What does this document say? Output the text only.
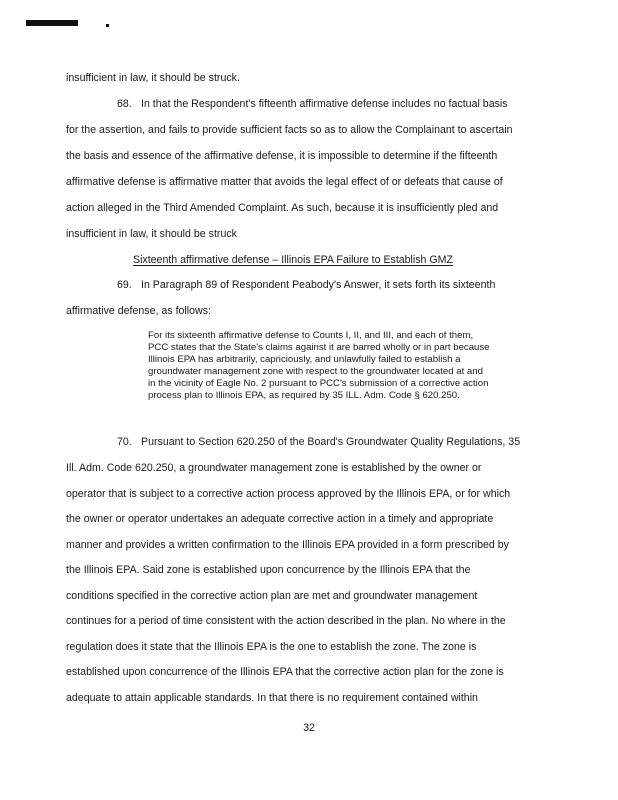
insufficient in law, it should be struck.
68. In that the Respondent's fifteenth affirmative defense includes no factual basis
for the assertion, and fails to provide sufficient facts so as to allow the Complainant to ascertain
the basis and essence of the affirmative defense, it is impossible to determine if the fifteenth
affirmative defense is affirmative matter that avoids the legal effect of or defeats that cause of
action alleged in the Third Amended Complaint. As such, because it is insufficiently pled and
insufficient in law, it should be struck
Sixteenth affirmative defense – Illinois EPA Failure to Establish GMZ
69. In Paragraph 89 of Respondent Peabody's Answer, it sets forth its sixteenth
affirmative defense, as follows:
For its sixteenth affirmative defense to Counts I, II, and III, and each of them,
PCC states that the State's claims against it are barred wholly or in part because
Illinois EPA has arbitrarily, capriciously, and unlawfully failed to establish a
groundwater management zone with respect to the groundwater located at and
in the vicinity of Eagle No. 2 pursuant to PCC's submission of a corrective action
process plan to Illinois EPA, as required by 35 ILL. Adm. Code § 620.250.
70. Pursuant to Section 620.250 of the Board's Groundwater Quality Regulations, 35
Ill. Adm. Code 620.250, a groundwater management zone is established by the owner or
operator that is subject to a corrective action process approved by the Illinois EPA, or for which
the owner or operator undertakes an adequate corrective action in a timely and appropriate
manner and provides a written confirmation to the Illinois EPA provided in a form prescribed by
the Illinois EPA. Said zone is established upon concurrence by the Illinois EPA that the
conditions specified in the corrective action plan are met and groundwater management
continues for a period of time consistent with the action described in the plan. No where in the
regulation does it state that the Illinois EPA is the one to establish the zone. The zone is
established upon concurrence of the Illinois EPA that the corrective action plan for the zone is
adequate to attain applicable standards. In that there is no requirement contained within
32
